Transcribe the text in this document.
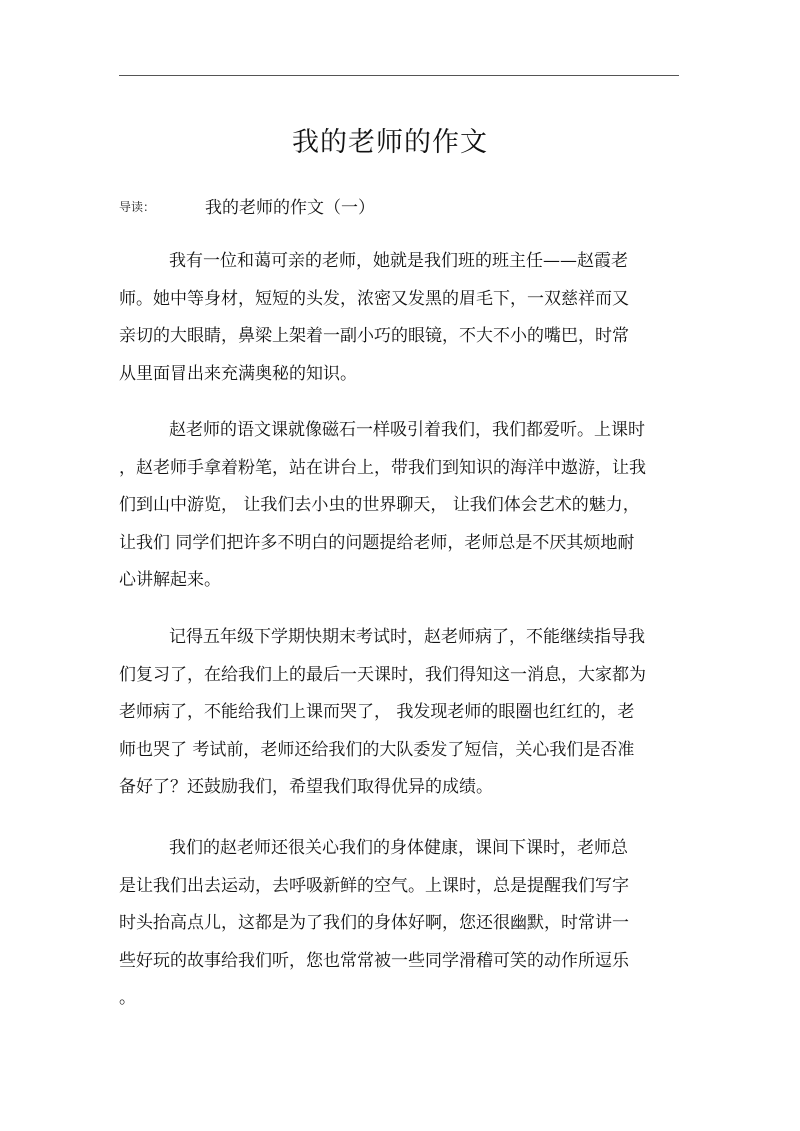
我的老师的作文
导读：	我的老师的作文（一）
我有一位和蔼可亲的老师，她就是我们班的班主任——赵霞老
师。她中等身材，短短的头发，浓密又发黑的眉毛下，一双慈祥而又
亲切的大眼睛，鼻梁上架着一副小巧的眼镜，不大不小的嘴巴，时常
从里面冒出来充满奥秘的知识。
赵老师的语文课就像磁石一样吸引着我们，我们都爱听。上课时
，赵老师手拿着粉笔，站在讲台上，带我们到知识的海洋中遨游，让我
们到山中游览， 让我们去小虫的世界聊天， 让我们体会艺术的魅力，
让我们 同学们把许多不明白的问题提给老师，老师总是不厌其烦地耐
心讲解起来。
记得五年级下学期快期末考试时，赵老师病了，不能继续指导我
们复习了，在给我们上的最后一天课时，我们得知这一消息，大家都为
老师病了，不能给我们上课而哭了， 我发现老师的眼圈也红红的，老
师也哭了 考试前，老师还给我们的大队委发了短信，关心我们是否准
备好了？还鼓励我们，希望我们取得优异的成绩。
我们的赵老师还很关心我们的身体健康，课间下课时，老师总
是让我们出去运动，去呼吸新鲜的空气。上课时，总是提醒我们写字
时头抬高点儿，这都是为了我们的身体好啊，您还很幽默，时常讲一
些好玩的故事给我们听，您也常常被一些同学滑稽可笑的动作所逗乐
。
